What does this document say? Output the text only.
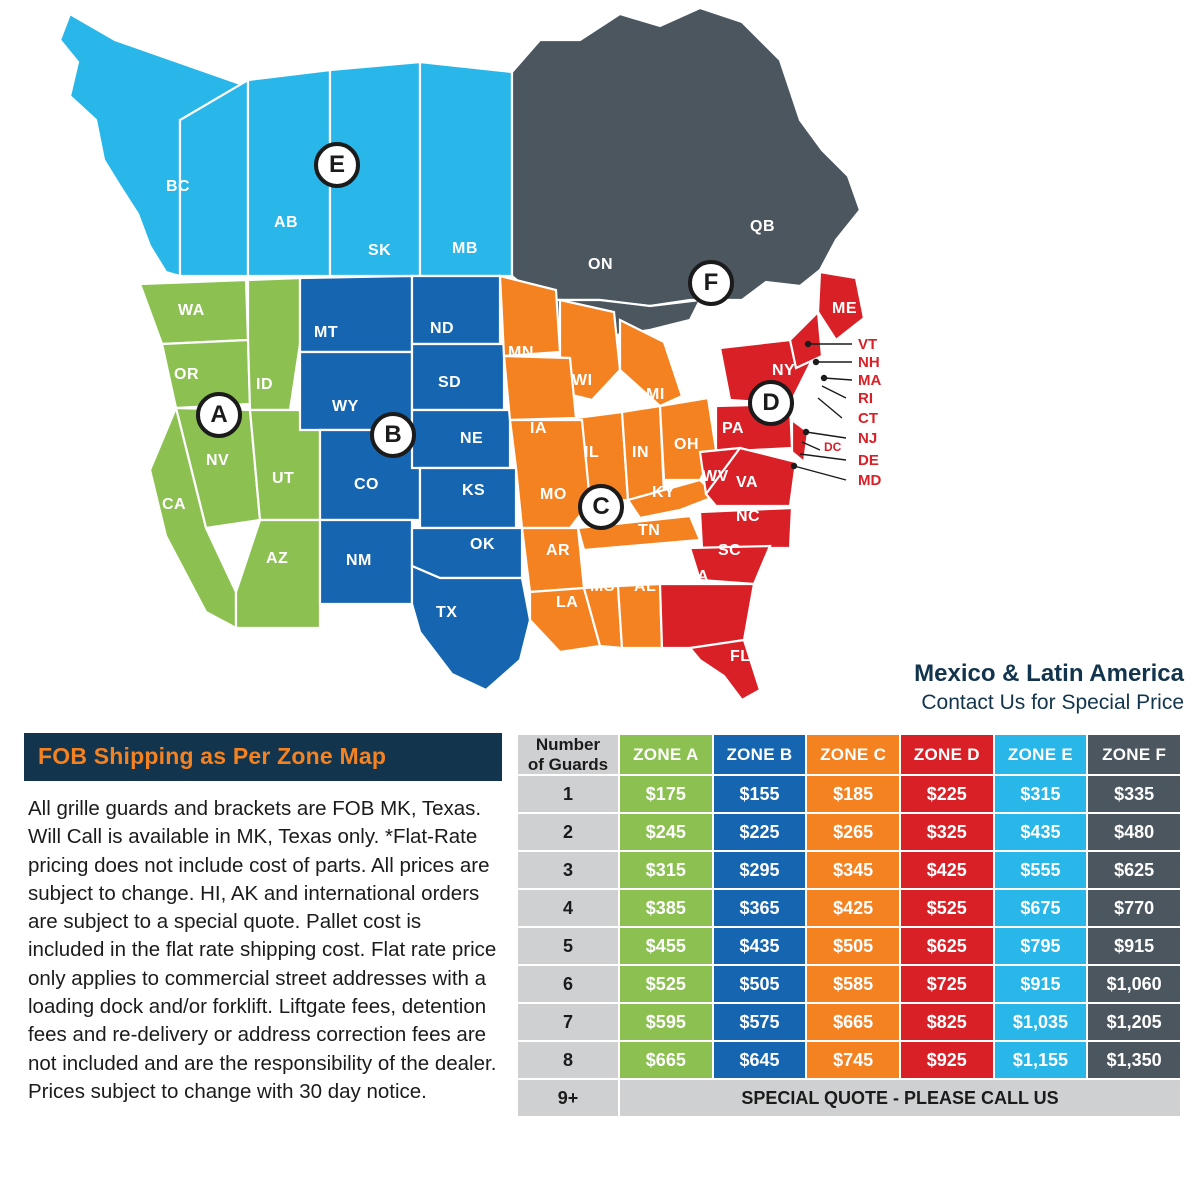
E
F
A
B
C
D
BC
AB
SK	MB
QB
ON
WA
OR
ID
NV
CA
UT
AZ
MT	ND
SD
WY
NE
CO	KS
NM
OK
TX
MN
WI
IA
IL
MO
AR
LA
MS AL
MI
IN OH
KY
TN
ME
NY
PA
WV VA
NC
SC
GA
FL
VT
NH
MA
RI
CT
NJ
DC
DE
MD
Mexico & Latin America
Contact Us for Special Price
FOB Shipping as Per Zone Map
All grille guards and brackets are FOB MK, Texas. Will Call is available in MK, Texas only. *Flat-Rate pricing does not include cost of parts. All prices are subject to change. HI, AK and international orders are subject to a special quote. Pallet cost is included in the flat rate shipping cost. Flat rate price only applies to commercial street addresses with a loading dock and/or forklift. Liftgate fees, detention fees and re-delivery or address correction fees are not included and are the responsibility of the dealer. Prices subject to change with 30 day notice.
Number
of Guards	ZONE A	ZONE B	ZONE C	ZONE D	ZONE E	ZONE F
1	$175	$155	$185	$225	$315	$335
2	$245	$225	$265	$325	$435	$480
3	$315	$295	$345	$425	$555	$625
4	$385	$365	$425	$525	$675	$770
5	$455	$435	$505	$625	$795	$915
6	$525	$505	$585	$725	$915	$1,060
7	$595	$575	$665	$825	$1,035	$1,205
8	$665	$645	$745	$925	$1,155	$1,350
9+	SPECIAL QUOTE - PLEASE CALL US					
